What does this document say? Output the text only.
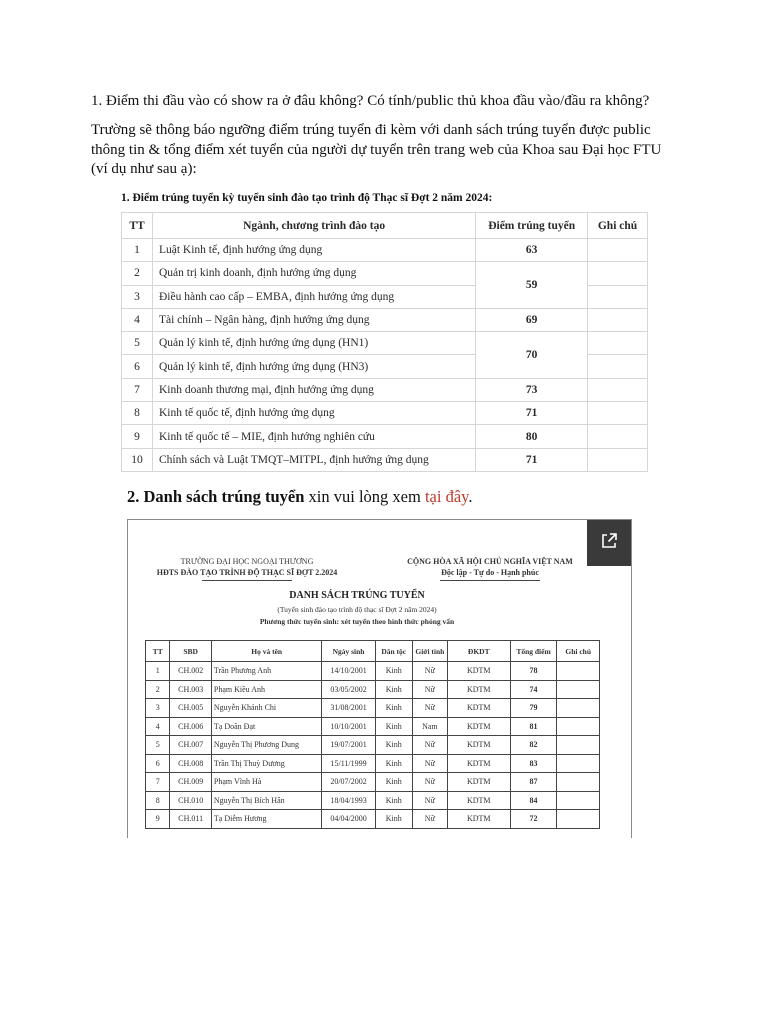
1. Điểm thi đầu vào có show ra ở đâu không? Có tính/public thủ khoa đầu vào/đầu ra không?

Trường sẽ thông báo ngưỡng điểm trúng tuyển đi kèm với danh sách trúng tuyển được public

thông tin & tổng điểm xét tuyển của người dự tuyển trên trang web của Khoa sau Đại học FTU

(ví dụ như sau ạ):

1. Điểm trúng tuyển kỳ tuyển sinh đào tạo trình độ Thạc sĩ Đợt 2 năm 2024:
TT	Ngành, chương trình đào tạo	Điểm trúng tuyển	Ghi chú
1	Luật Kinh tế, định hướng ứng dụng	63	
2	Quản trị kinh doanh, định hướng ứng dụng	59	
3	Điều hành cao cấp – EMBA, định hướng ứng dụng		
4	Tài chính – Ngân hàng, định hướng ứng dụng	69	
5	Quản lý kinh tế, định hướng ứng dụng (HN1)	70	
6	Quản lý kinh tế, định hướng ứng dụng (HN3)		
7	Kinh doanh thương mại, định hướng ứng dụng	73	
8	Kinh tế quốc tế, định hướng ứng dụng	71	
9	Kinh tế quốc tế – MIE, định hướng nghiên cứu	80	
10	Chính sách và Luật TMQT–MITPL, định hướng ứng dụng	71	
2. Danh sách trúng tuyển xin vui lòng xem tại đây.
TRƯỜNG ĐẠI HỌC NGOẠI THƯƠNG
HĐTS ĐÀO TẠO TRÌNH ĐỘ THẠC SĨ ĐỢT 2.2024
CỘNG HÒA XÃ HỘI CHỦ NGHĨA VIỆT NAM
Độc lập - Tự do - Hạnh phúc
DANH SÁCH TRÚNG TUYỂN
(Tuyển sinh đào tạo trình độ thạc sĩ Đợt 2 năm 2024)
Phương thức tuyển sinh: xét tuyển theo hình thức phỏng vấn
TT	SBD	Họ và tên	Ngày sinh	Dân tộc	Giới tính	ĐKDT	Tổng điểm	Ghi chú
1	CH.002	Trần Phương Anh	14/10/2001	Kinh	Nữ	KDTM	78	
2	CH.003	Phạm Kiều Anh	03/05/2002	Kinh	Nữ	KDTM	74	
3	CH.005	Nguyễn Khánh Chi	31/08/2001	Kinh	Nữ	KDTM	79	
4	CH.006	Tạ Doãn Đạt	10/10/2001	Kinh	Nam	KDTM	81	
5	CH.007	Nguyễn Thị Phương Dung	19/07/2001	Kinh	Nữ	KDTM	82	
6	CH.008	Trần Thị Thuỳ Dương	15/11/1999	Kinh	Nữ	KDTM	83	
7	CH.009	Phạm Vĩnh Hà	20/07/2002	Kinh	Nữ	KDTM	87	
8	CH.010	Nguyễn Thị Bích Hân	18/04/1993	Kinh	Nữ	KDTM	84	
9	CH.011	Tạ Diễm Hương	04/04/2000	Kinh	Nữ	KDTM	72	
